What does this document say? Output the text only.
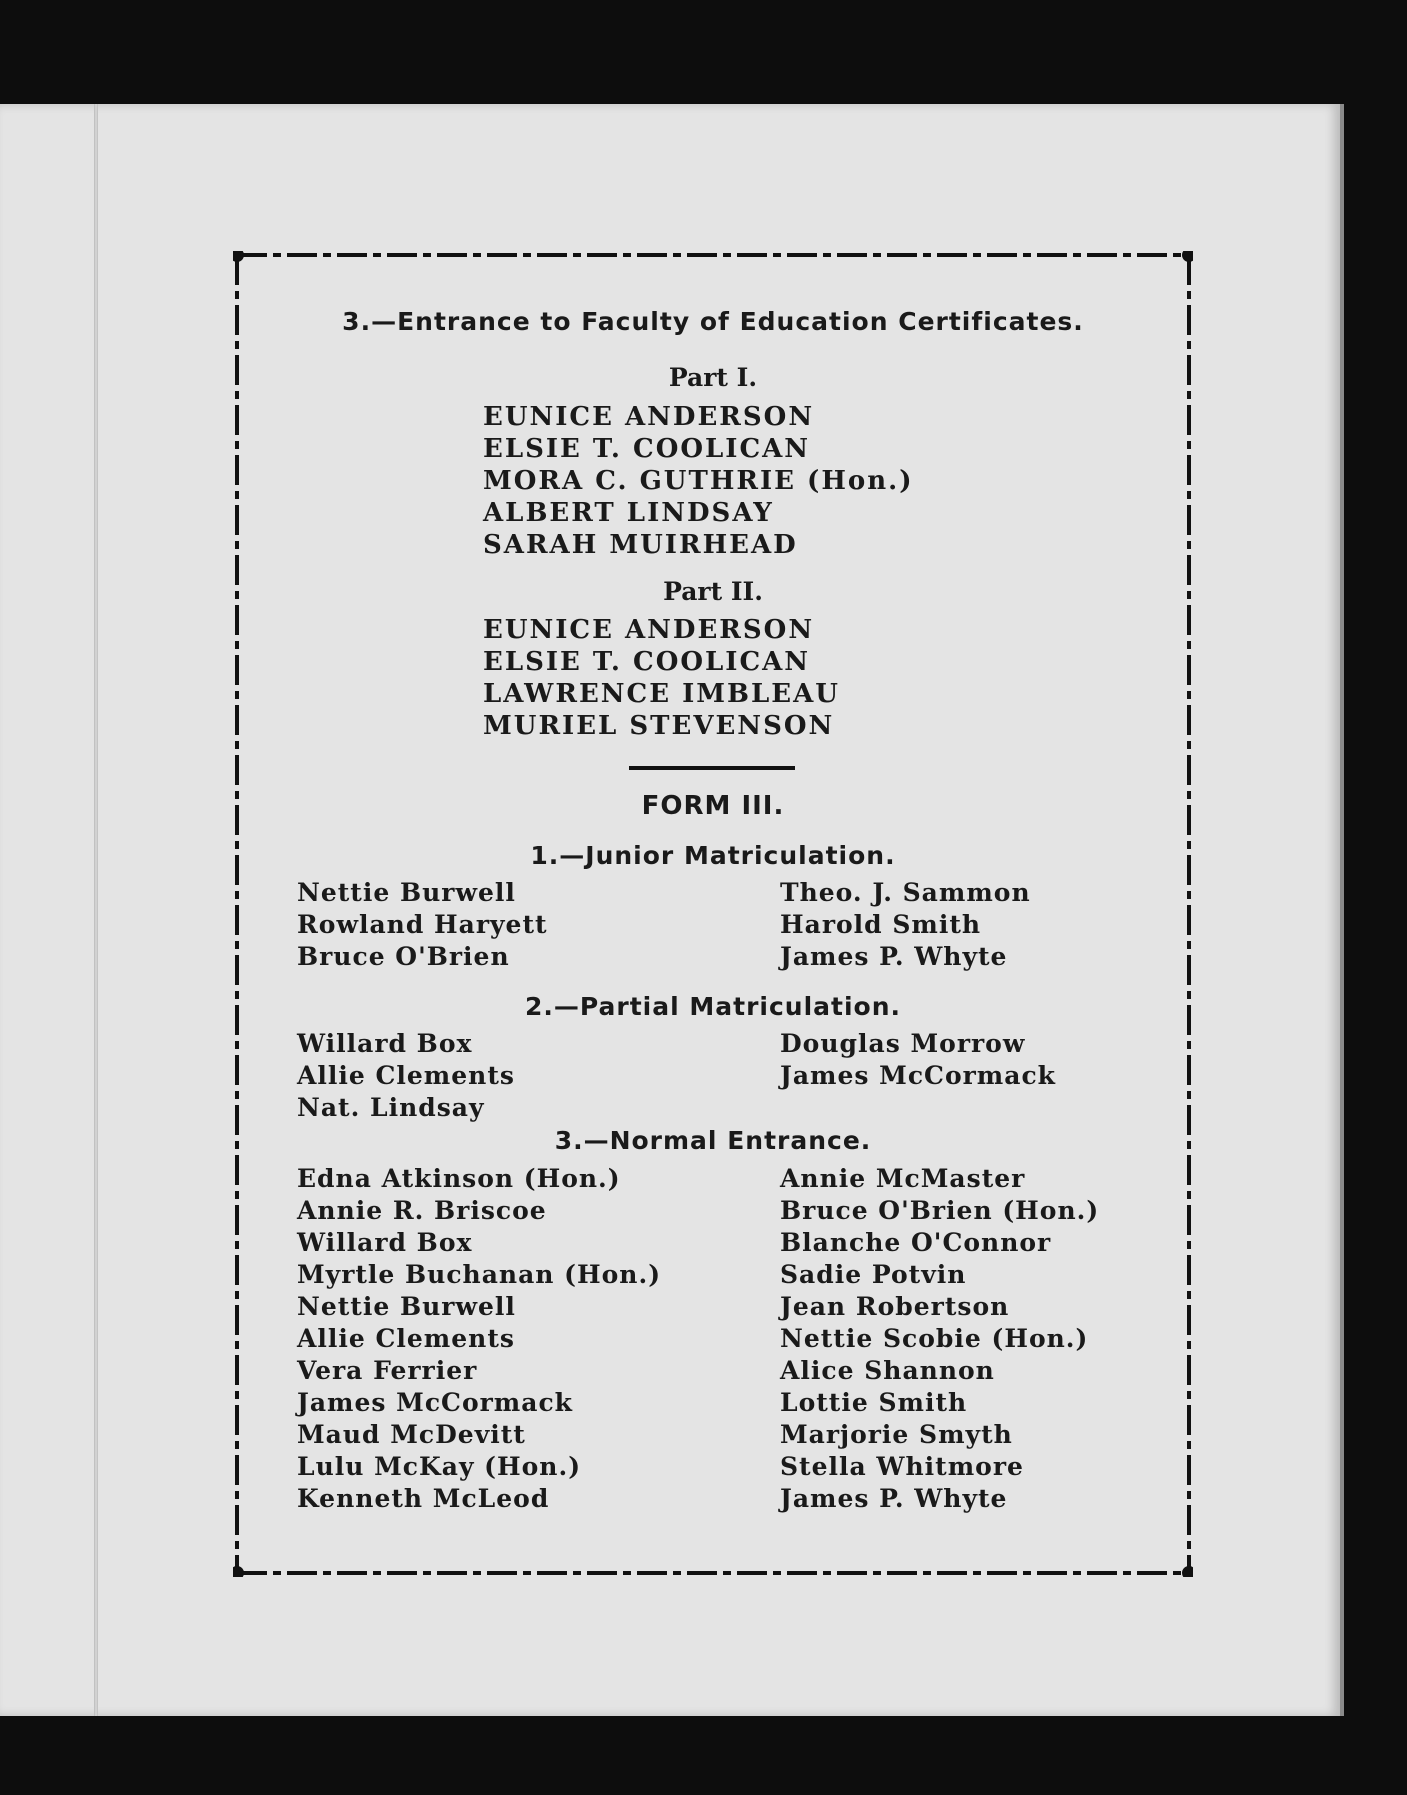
3.—Entrance to Faculty of Education Certificates.
Part I.
EUNICE ANDERSON
ELSIE T. COOLICAN
MORA C. GUTHRIE (Hon.)
ALBERT LINDSAY
SARAH MUIRHEAD
Part II.
EUNICE ANDERSON
ELSIE T. COOLICAN
LAWRENCE IMBLEAU
MURIEL STEVENSON
FORM III.
1.—Junior Matriculation.
Nettie Burwell
Rowland Haryett
Bruce O'Brien
Theo. J. Sammon
Harold Smith
James P. Whyte
2.—Partial Matriculation.
Willard Box
Allie Clements
Nat. Lindsay
Douglas Morrow
James McCormack
3.—Normal Entrance.
Edna Atkinson (Hon.)
Annie R. Briscoe
Willard Box
Myrtle Buchanan (Hon.)
Nettie Burwell
Allie Clements
Vera Ferrier
James McCormack
Maud McDevitt
Lulu McKay (Hon.)
Kenneth McLeod
Annie McMaster
Bruce O'Brien (Hon.)
Blanche O'Connor
Sadie Potvin
Jean Robertson
Nettie Scobie (Hon.)
Alice Shannon
Lottie Smith
Marjorie Smyth
Stella Whitmore
James P. Whyte
